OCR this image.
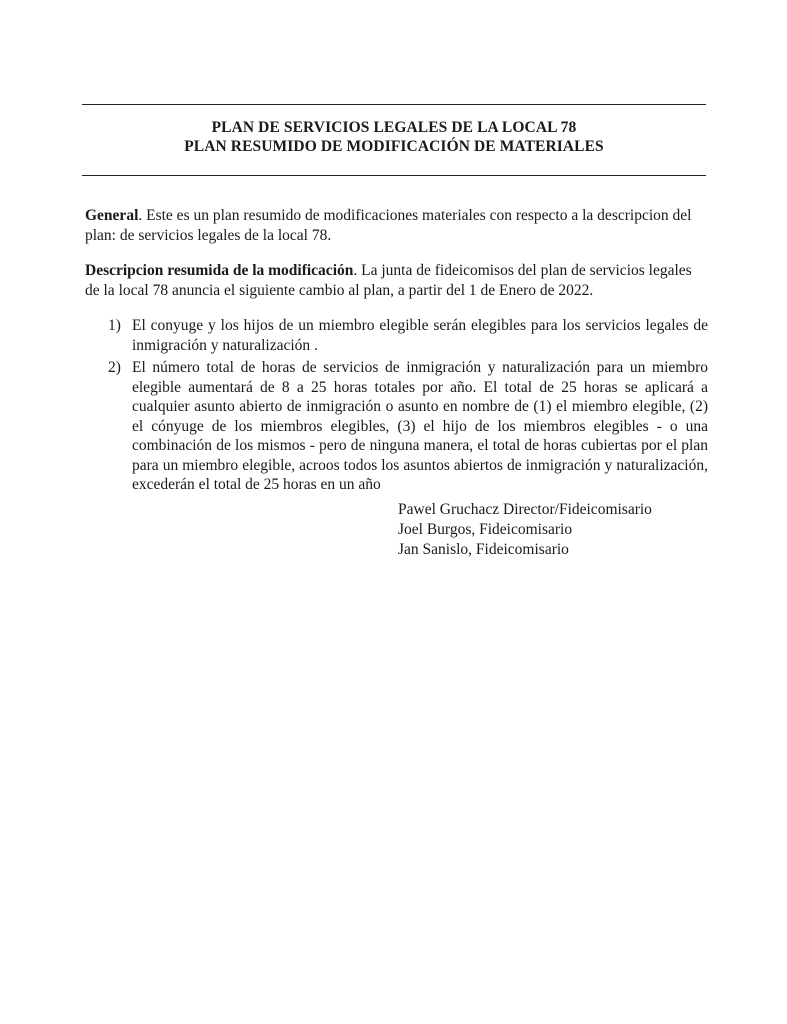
PLAN DE SERVICIOS LEGALES DE LA LOCAL 78
PLAN RESUMIDO DE MODIFICACIÓN DE MATERIALES

General. Este es un plan resumido de modificaciones materiales con respecto a la descripcion del plan: de servicios legales de la local 78.

Descripcion resumida de la modificación. La junta de fideicomisos del plan de servicios legales de la local 78 anuncia el siguiente cambio al plan, a partir del 1 de Enero de 2022.

1) El conyuge y los hijos de un miembro elegible serán elegibles para los servicios legales de inmigración y naturalización .
2) El número total de horas de servicios de inmigración y naturalización para un miembro elegible aumentará de 8 a 25 horas totales por año. El total de 25 horas se aplicará a cualquier asunto abierto de inmigración o asunto en nombre de (1) el miembro elegible, (2) el cónyuge de los miembros elegibles, (3) el hijo de los miembros elegibles - o una combinación de los mismos - pero de ninguna manera, el total de horas cubiertas por el plan para un miembro elegible, acroos todos los asuntos abiertos de inmigración y naturalización, excederán el total de 25 horas en un año
Pawel Gruchacz Director/Fideicomisario
Joel Burgos, Fideicomisario
Jan Sanislo, Fideicomisario
